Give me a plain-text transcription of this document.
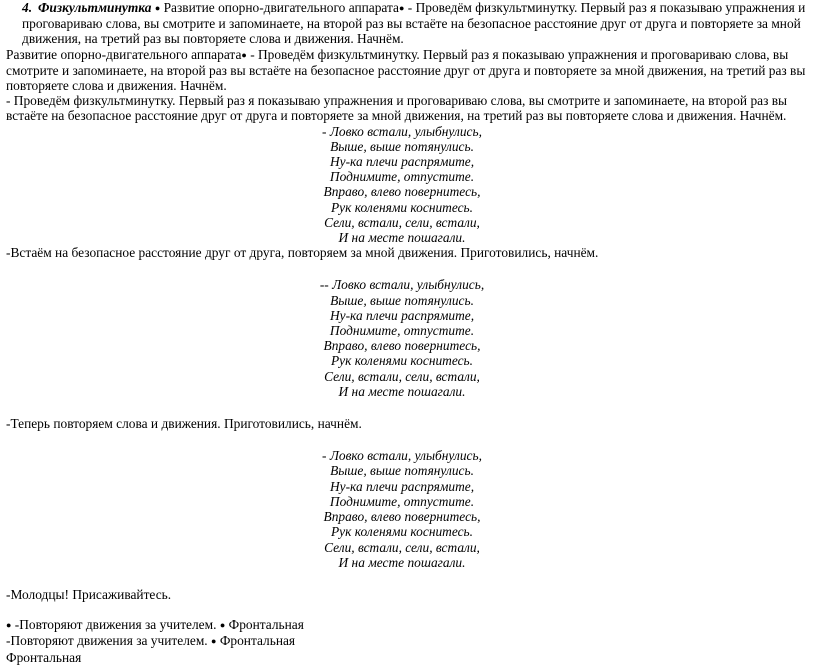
4. Физкультминутка ● Развитие опорно-двигательного аппарата● - Проведём физкультминутку. Первый раз я показываю упражнения и проговариваю слова, вы смотрите и запоминаете, на второй раз вы встаёте на безопасное расстояние друг от друга и повторяете за мной движения, на третий раз вы повторяете слова и движения. Начнём.

Развитие опорно-двигательного аппарата● - Проведём физкультминутку. Первый раз я показываю упражнения и проговариваю слова, вы смотрите и запоминаете, на второй раз вы встаёте на безопасное расстояние друг от друга и повторяете за мной движения, на третий раз вы повторяете слова и движения. Начнём.

- Проведём физкультминутку. Первый раз я показываю упражнения и проговариваю слова, вы смотрите и запоминаете, на второй раз вы встаёте на безопасное расстояние друг от друга и повторяете за мной движения, на третий раз вы повторяете слова и движения. Начнём.

- Ловко встали, улыбнулись,
Выше, выше потянулись.
Ну-ка плечи распрямите,
Поднимите, отпустите.
Вправо, влево повернитесь,
Рук коленями коснитесь.
Сели, встали, сели, встали,
И на месте пошагали.

-Встаём на безопасное расстояние друг от друга, повторяем за мной движения. Приготовились, начнём.

-- Ловко встали, улыбнулись,
Выше, выше потянулись.
Ну-ка плечи распрямите,
Поднимите, отпустите.
Вправо, влево повернитесь,
Рук коленями коснитесь.
Сели, встали, сели, встали,
И на месте пошагали.

-Теперь повторяем слова и движения. Приготовились, начнём.

- Ловко встали, улыбнулись,
Выше, выше потянулись.
Ну-ка плечи распрямите,
Поднимите, отпустите.
Вправо, влево повернитесь,
Рук коленями коснитесь.
Сели, встали, сели, встали,
И на месте пошагали.

-Молодцы! Присаживайтесь.

● -Повторяют движения за учителем. ● Фронтальная

-Повторяют движения за учителем. ● Фронтальная

Фронтальная
